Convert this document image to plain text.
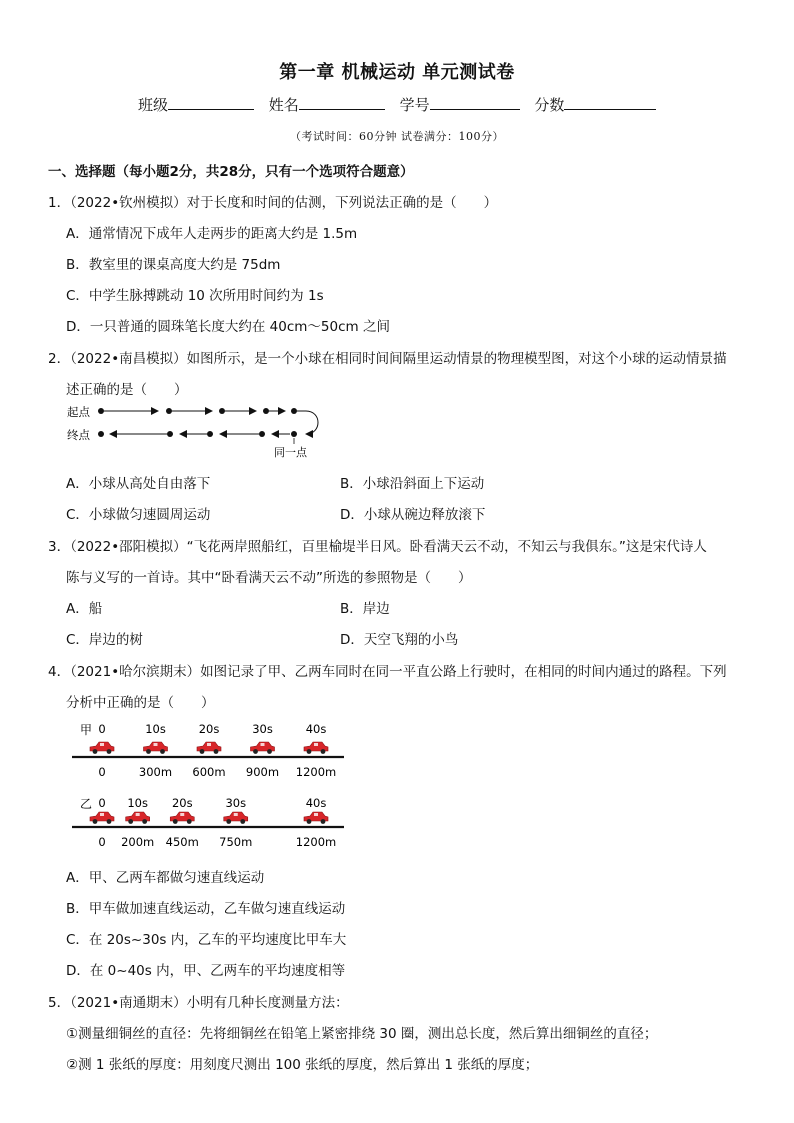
第一章 机械运动 单元测试卷
班级	姓名	学号	分数
（考试时间：60分钟 试卷满分：100分）
一、选择题（每小题2分，共28分，只有一个选项符合题意）
1．（2022•钦州模拟）对于长度和时间的估测，下列说法正确的是（　　）
A．通常情况下成年人走两步的距离大约是 1.5m
B．教室里的课桌高度大约是 75dm
C．中学生脉搏跳动 10 次所用时间约为 1s
D．一只普通的圆珠笔长度大约在 40cm～50cm 之间
2．（2022•南昌模拟）如图所示，是一个小球在相同时间间隔里运动情景的物理模型图，对这个小球的运动情景描
述正确的是（　　）
起点
终点
同一点
A．小球从高处自由落下	B．小球沿斜面上下运动
C．小球做匀速圆周运动	D．小球从碗边释放滚下
3．（2022•邵阳模拟）“飞花两岸照船红，百里榆堤半日风。卧看满天云不动，不知云与我俱东。”这是宋代诗人
陈与义写的一首诗。其中“卧看满天云不动”所选的参照物是（　　）
A．船	B．岸边
C．岸边的树	D．天空飞翔的小鸟
4．（2021•哈尔滨期末）如图记录了甲、乙两车同时在同一平直公路上行驶时，在相同的时间内通过的路程。下列
分析中正确的是（　　）
甲
乙
0
0
10s
300m
20s
600m
30s
900m
40s
1200m
0
0
10s
200m
20s
450m
30s
750m
40s
1200m
A．甲、乙两车都做匀速直线运动
B．甲车做加速直线运动，乙车做匀速直线运动
C．在 20s~30s 内，乙车的平均速度比甲车大
D．在 0~40s 内，甲、乙两车的平均速度相等
5．（2021•南通期末）小明有几种长度测量方法：
①测量细铜丝的直径：先将细铜丝在铅笔上紧密排绕 30 圈，测出总长度，然后算出细铜丝的直径；
②测 1 张纸的厚度：用刻度尺测出 100 张纸的厚度，然后算出 1 张纸的厚度；
